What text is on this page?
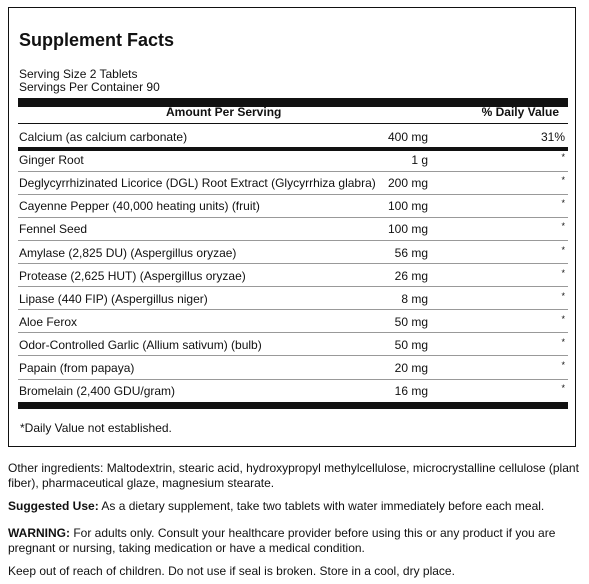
Supplement Facts
Serving Size 2 Tablets
Servings Per Container 90
Amount Per Serving	% Daily Value
Calcium (as calcium carbonate)	400 mg	31%
Ginger Root	1 g	*
Deglycyrrhizinated Licorice (DGL) Root Extract (Glycyrrhiza glabra) 200 mg	*
Cayenne Pepper (40,000 heating units) (fruit)	100 mg	*
Fennel Seed	100 mg	*
Amylase (2,825 DU) (Aspergillus oryzae)	56 mg	*
Protease (2,625 HUT) (Aspergillus oryzae)	26 mg	*
Lipase (440 FIP) (Aspergillus niger)	8 mg	*
Aloe Ferox	50 mg	*
Odor-Controlled Garlic (Allium sativum) (bulb)	50 mg	*
Papain (from papaya)	20 mg	*
Bromelain (2,400 GDU/gram)	16 mg	*
*Daily Value not established.
Other ingredients: Maltodextrin, stearic acid, hydroxypropyl methylcellulose, microcrystalline cellulose (plant fiber), pharmaceutical glaze, magnesium stearate.
Suggested Use: As a dietary supplement, take two tablets with water immediately before each meal.
WARNING: For adults only. Consult your healthcare provider before using this or any product if you are pregnant or nursing, taking medication or have a medical condition.
Keep out of reach of children. Do not use if seal is broken. Store in a cool, dry place.
